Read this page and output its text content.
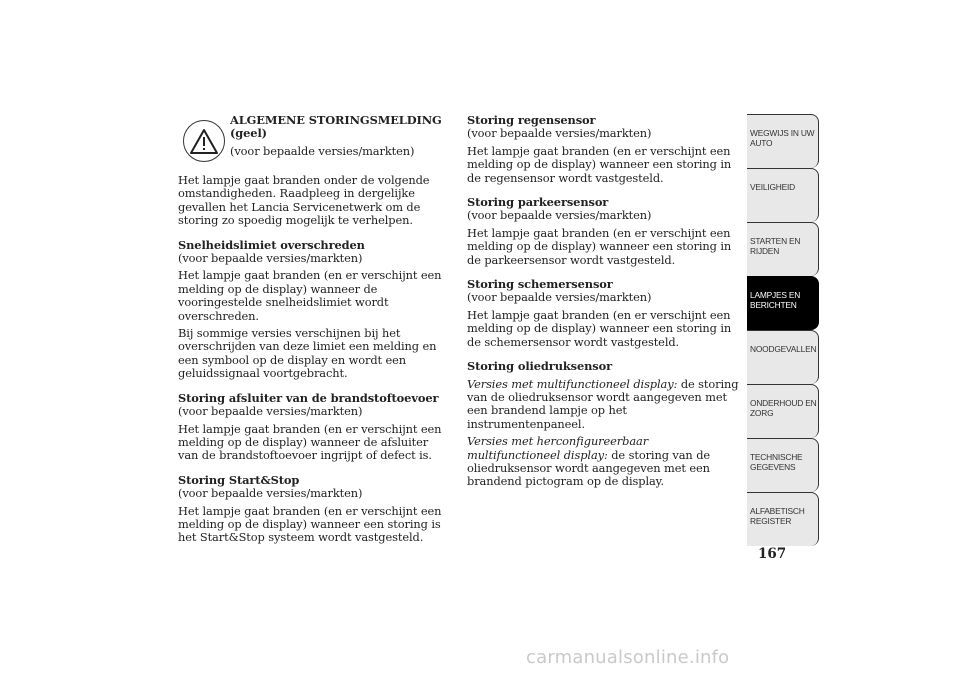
ALGEMENE STORINGSMELDING

(geel)

(voor bepaalde versies/markten)

Het lampje gaat branden onder de volgende omstandigheden. Raadpleeg in dergelijke gevallen het Lancia Servicenetwerk om de storing zo spoedig mogelijk te verhelpen.

Snelheidslimiet overschreden

(voor bepaalde versies/markten)

Het lampje gaat branden (en er verschijnt een melding op de display) wanneer de vooringestelde snelheidslimiet wordt overschreden.

Bij sommige versies verschijnen bij het overschrijden van deze limiet een melding en een symbool op de display en wordt een geluidssignaal voortgebracht.

Storing afsluiter van de brandstoftoevoer

(voor bepaalde versies/markten)

Het lampje gaat branden (en er verschijnt een melding op de display) wanneer de afsluiter van de brandstoftoevoer ingrijpt of defect is.

Storing Start&Stop

(voor bepaalde versies/markten)

Het lampje gaat branden (en er verschijnt een melding op de display) wanneer een storing is het Start&Stop systeem wordt vastgesteld.

Storing regensensor

(voor bepaalde versies/markten)

Het lampje gaat branden (en er verschijnt een melding op de display) wanneer een storing in de regensensor wordt vastgesteld.

Storing parkeersensor

(voor bepaalde versies/markten)

Het lampje gaat branden (en er verschijnt een melding op de display) wanneer een storing in de parkeersensor wordt vastgesteld.

Storing schemersensor

(voor bepaalde versies/markten)

Het lampje gaat branden (en er verschijnt een melding op de display) wanneer een storing in de schemersensor wordt vastgesteld.

Storing oliedruksensor

Versies met multifunctioneel display: de storing van de oliedruksensor wordt aangegeven met een brandend lampje op het instrumentenpaneel.

Versies met herconfigureerbaar multifunctioneel display: de storing van de oliedruksensor wordt aangegeven met een brandend pictogram op de display.

WEGWIJS IN UW AUTO
VEILIGHEID
STARTEN EN RIJDEN
LAMPJES EN BERICHTEN
NOODGEVALLEN
ONDERHOUD EN ZORG
TECHNISCHE GEGEVENS
ALFABETISCH REGISTER
167
carmanualsonline.info
